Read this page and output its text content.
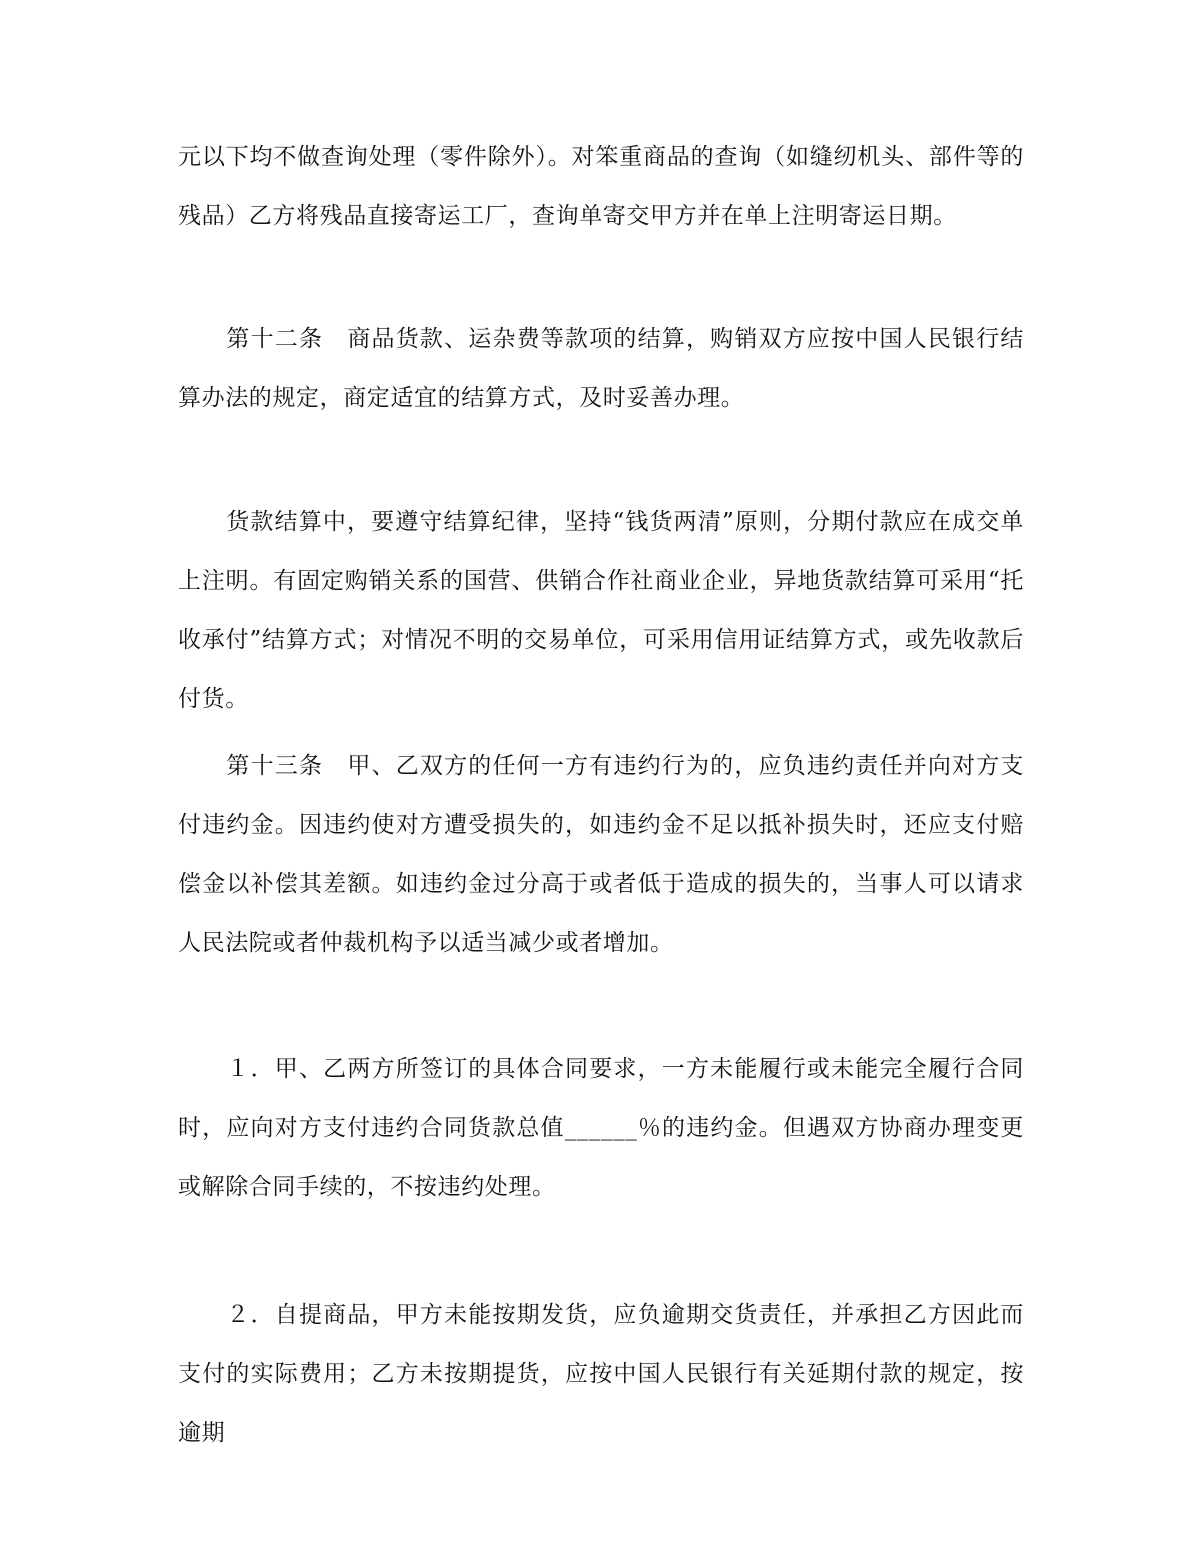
元以下均不做查询处理（零件除外）。对笨重商品的查询（如缝纫机头、部件等的残品）乙方将残品直接寄运工厂，查询单寄交甲方并在单上注明寄运日期。

　　第十二条　商品货款、运杂费等款项的结算，购销双方应按中国人民银行结算办法的规定，商定适宜的结算方式，及时妥善办理。

　　货款结算中，要遵守结算纪律，坚持“钱货两清”原则，分期付款应在成交单上注明。有固定购销关系的国营、供销合作社商业企业，异地货款结算可采用“托收承付”结算方式；对情况不明的交易单位，可采用信用证结算方式，或先收款后付货。

　　第十三条　甲、乙双方的任何一方有违约行为的，应负违约责任并向对方支付违约金。因违约使对方遭受损失的，如违约金不足以抵补损失时，还应支付赔偿金以补偿其差额。如违约金过分高于或者低于造成的损失的，当事人可以请求人民法院或者仲裁机构予以适当减少或者增加。

　　１．甲、乙两方所签订的具体合同要求，一方未能履行或未能完全履行合同时，应向对方支付违约合同货款总值______％的违约金。但遇双方协商办理变更或解除合同手续的，不按违约处理。

　　２．自提商品，甲方未能按期发货，应负逾期交货责任，并承担乙方因此而支付的实际费用；乙方未按期提货，应按中国人民银行有关延期付款的规定，按逾期
